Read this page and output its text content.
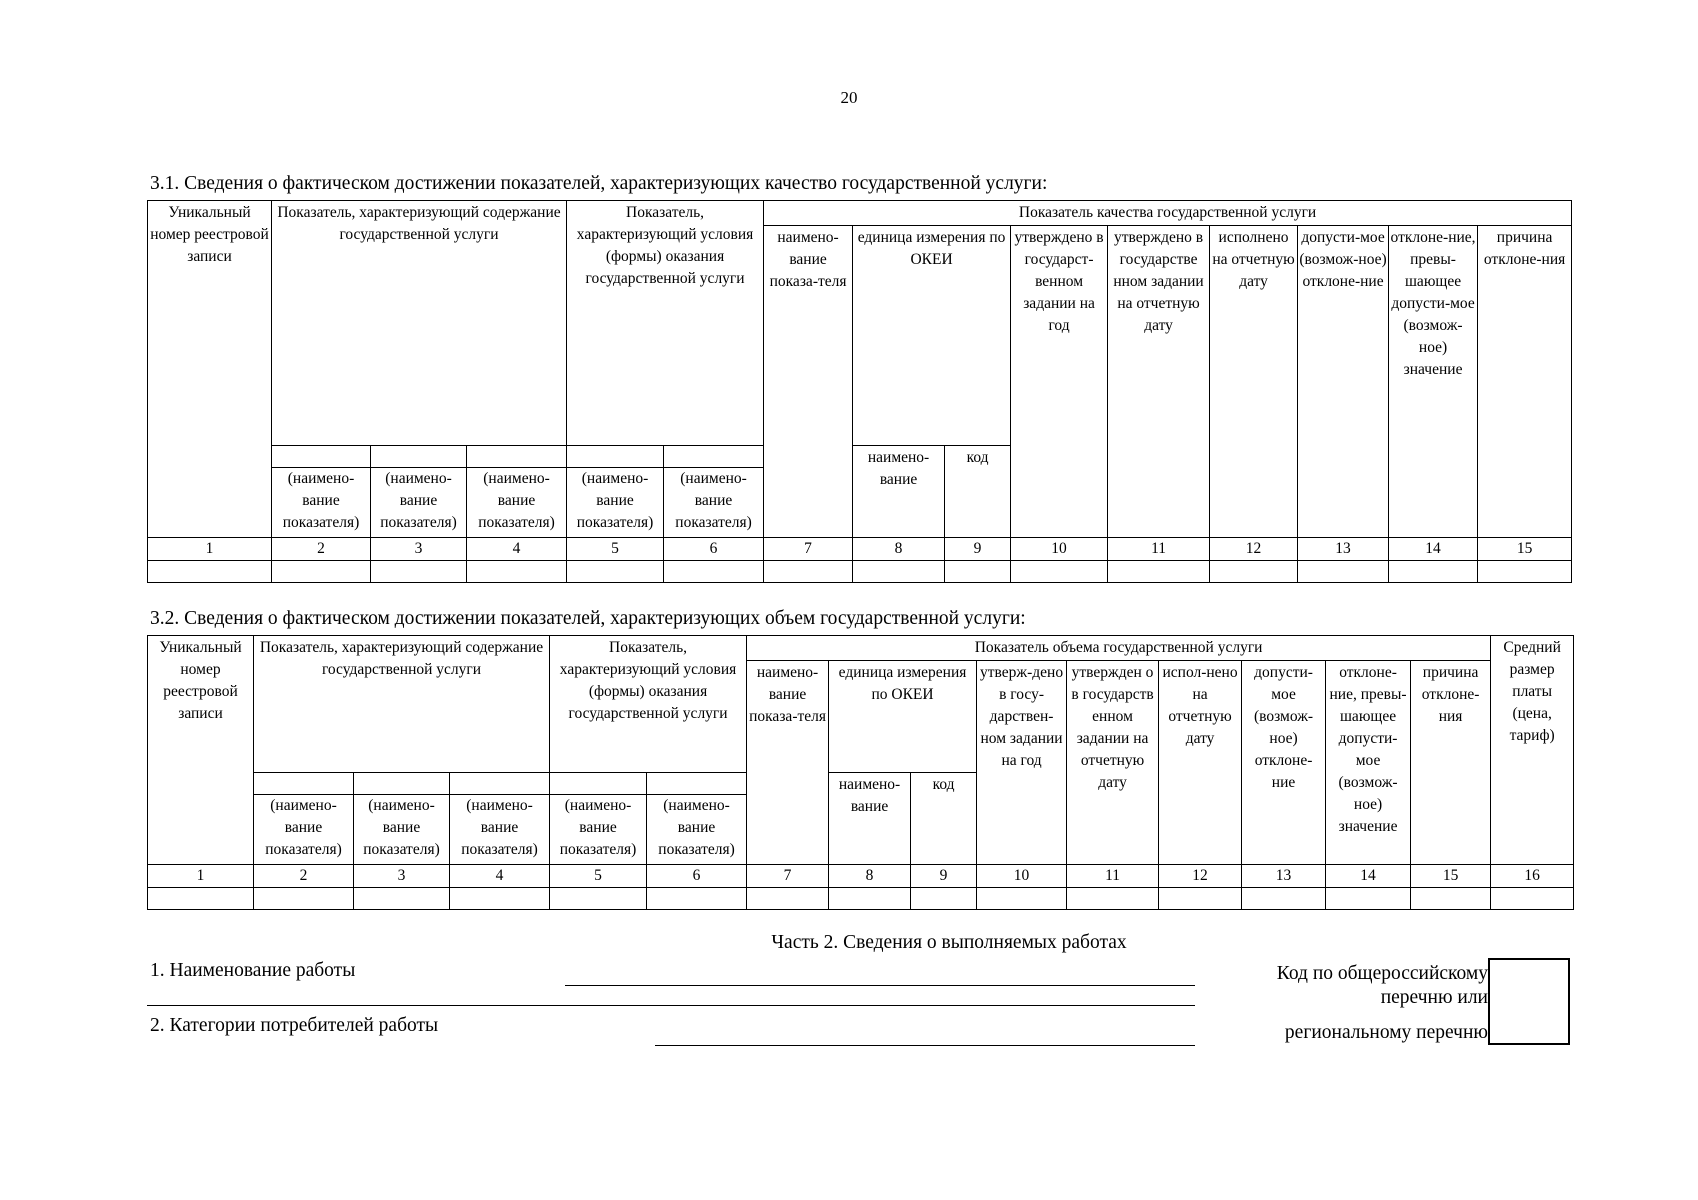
20
3.1. Сведения о фактическом достижении показателей, характеризующих качество государственной услуги:
Уникальный номер реестровой записи	Показатель, характеризующий содержание государственной услуги			Показатель, характеризующий условия (формы) оказания государственной услуги		Показатель качества государственной услуги								
						наимено-вание показа-теля	единица измерения по ОКЕИ		утверждено в государст-венном задании на год	утверждено в государстве нном задании на отчетную дату	исполнено на отчетную дату	допусти-мое (возмож-ное) отклоне-ние	отклоне-ние, превы-шающее допусти-мое (возмож-ное) значение	причина отклоне-ния

	(наимено-вание показателя)	(наимено-вание показателя)	(наимено-вание показателя)	(наимено-вание показателя)	(наимено-вание показателя)		наимено-вание	код						
1	2	3	4	5	6	7	8	9	10	11	12	13	14	15

3.2. Сведения о фактическом достижении показателей, характеризующих объем государственной услуги:
Уникальный номер реестровой записи	Показатель, характеризующий содержание государственной услуги			Показатель, характеризующий условия (формы) оказания государственной услуги		Показатель объема государственной услуги									Средний размер платы (цена, тариф)
						наимено-вание показа-теля	единица измерения по ОКЕИ		утверж-дено в госу-дарствен-ном задании на год	утвержден о в государств енном задании на отчетную дату	испол-нено на отчетную дату	допусти-мое (возмож-ное) отклоне-ние	отклоне-ние, превы-шающее допусти-мое (возмож-ное) значение	причина отклоне-ния	

	(наимено-вание показателя)	(наимено-вание показателя)	(наимено-вание показателя)	(наимено-вание показателя)	(наимено-вание показателя)		наимено-вание	код							
1	2	3	4	5	6	7	8	9	10	11	12	13	14	15	16

Часть 2. Сведения о выполняемых работах
1. Наименование работы
2. Категории потребителей работы
Код по общероссийскому
перечню или
региональному перечню
